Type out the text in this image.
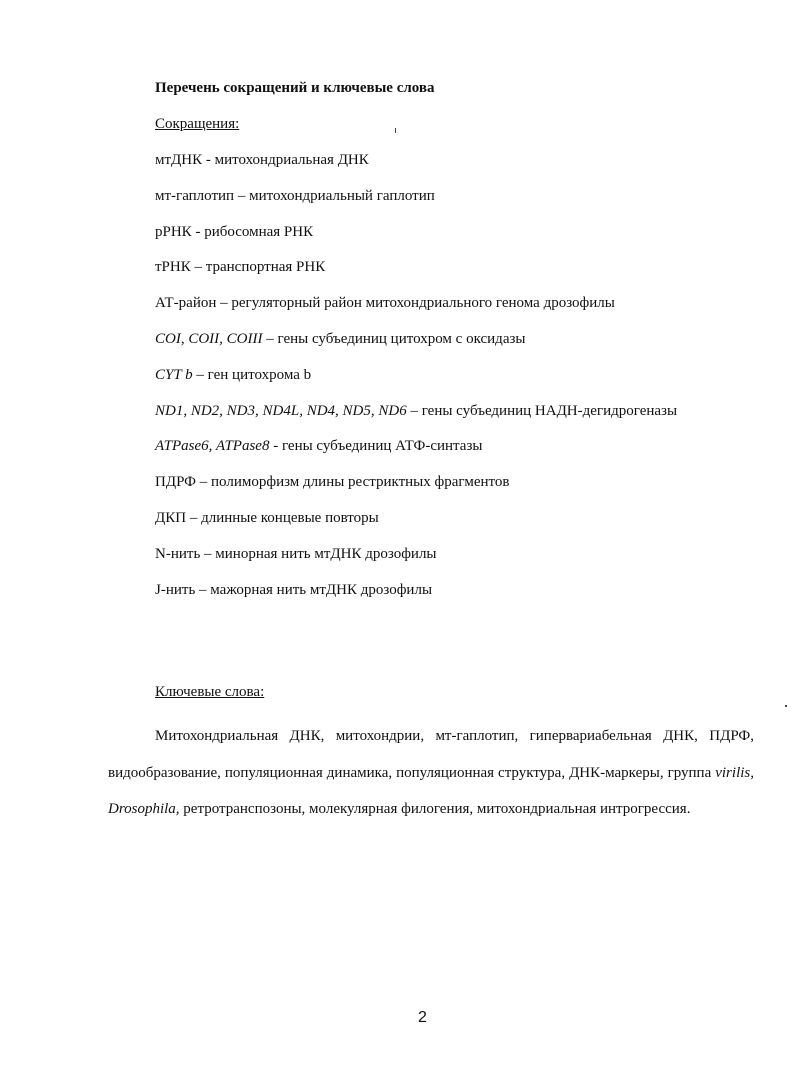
Перечень сокращений и ключевые слова
Сокращения:
мтДНК - митохондриальная ДНК
мт-гаплотип – митохондриальный гаплотип
рРНК - рибосомная РНК
тРНК – транспортная РНК
АТ-район – регуляторный район митохондриального генома дрозофилы
COI, COII, COIII – гены субъединиц цитохром с оксидазы
CYT b – ген цитохрома b
ND1, ND2, ND3, ND4L, ND4, ND5, ND6 – гены субъединиц НАДН-дегидрогеназы
ATPase6, ATPase8 - гены субъединиц АТФ-синтазы
ПДРФ – полиморфизм длины рестриктных фрагментов
ДКП – длинные концевые повторы
N-нить – минорная нить мтДНК дрозофилы
J-нить – мажорная нить мтДНК дрозофилы
Ключевые слова:
Митохондриальная ДНК, митохондрии, мт-гаплотип, гипервариабельная ДНК, ПДРФ, видообразование, популяционная динамика, популяционная структура, ДНК-маркеры, группа virilis, Drosophila, ретротранспозоны, молекулярная филогения, митохондриальная интрогрессия.
2
